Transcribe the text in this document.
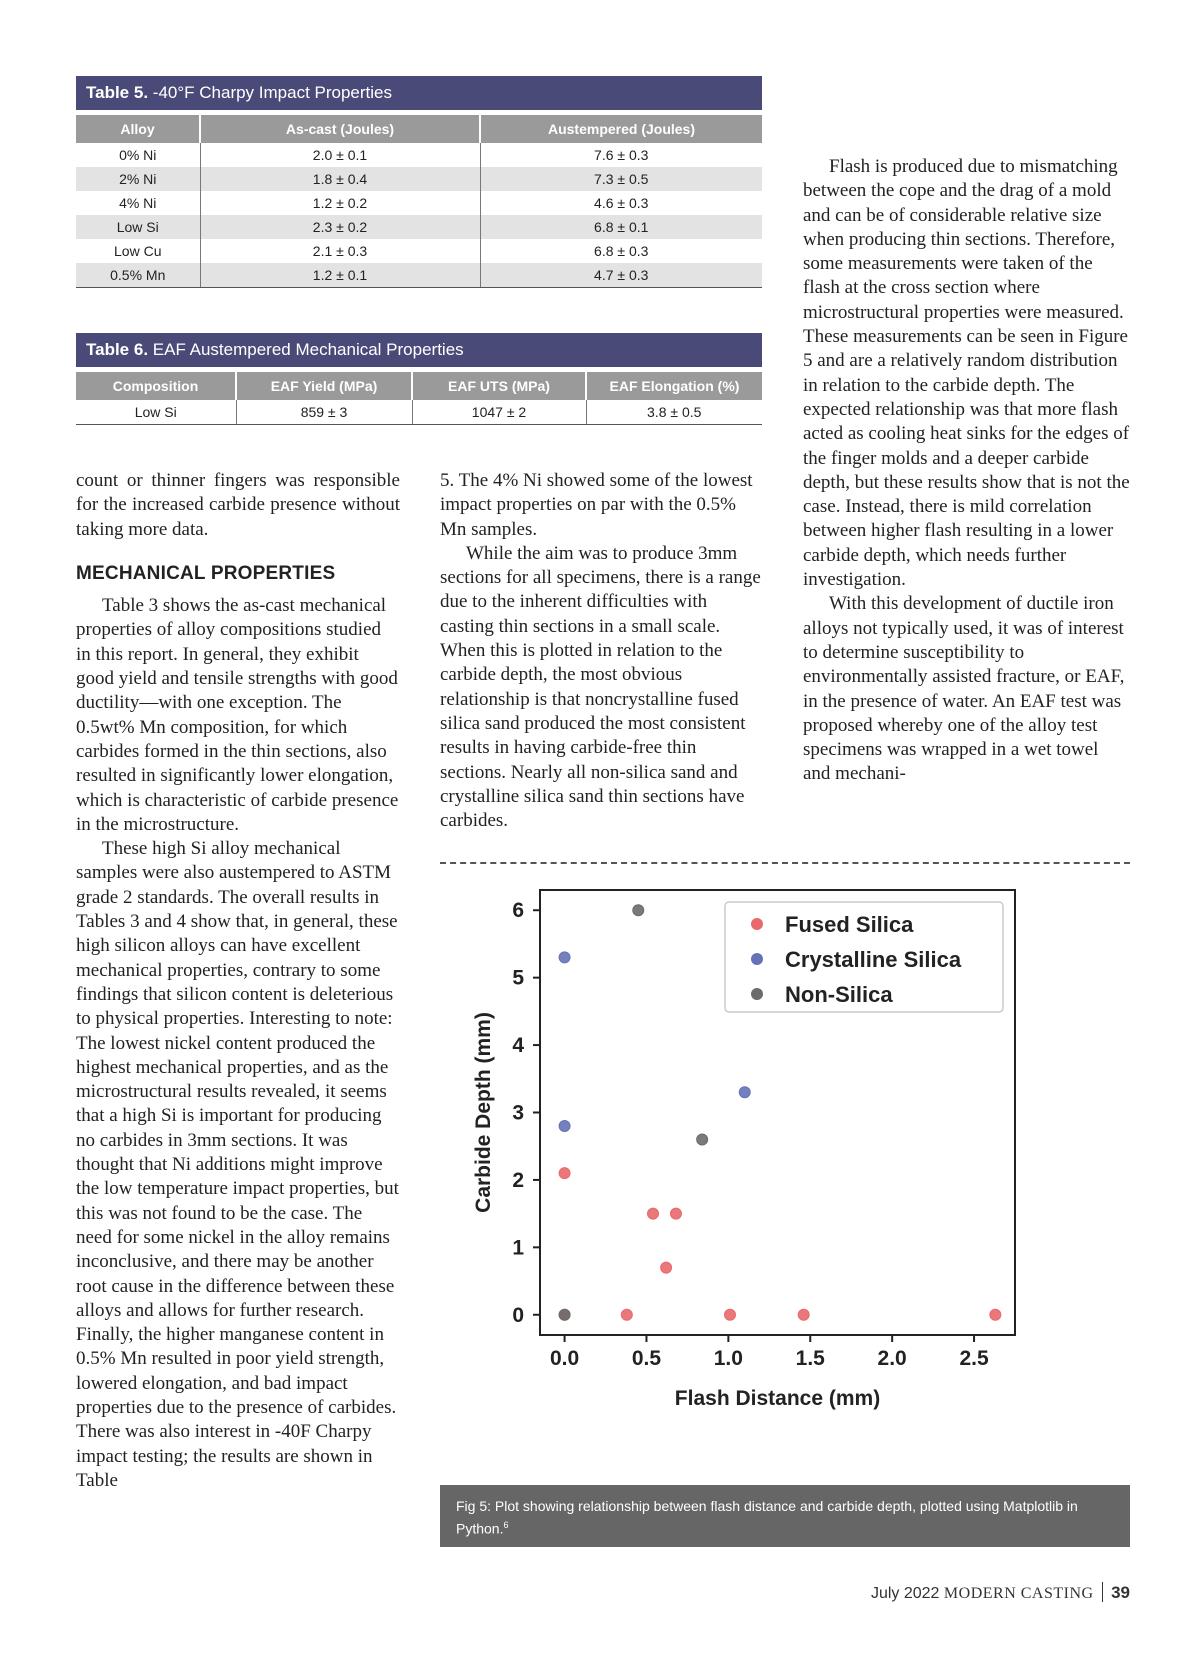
Table 5. -40°F Charpy Impact Properties
Alloy	As-cast (Joules)	Austempered (Joules)
0% Ni	2.0 ± 0.1	7.6 ± 0.3
2% Ni	1.8 ± 0.4	7.3 ± 0.5
4% Ni	1.2 ± 0.2	4.6 ± 0.3
Low Si	2.3 ± 0.2	6.8 ± 0.1
Low Cu	2.1 ± 0.3	6.8 ± 0.3
0.5% Mn	1.2 ± 0.1	4.7 ± 0.3
Table 6. EAF Austempered Mechanical Properties
Composition	EAF Yield (MPa)	EAF UTS (MPa)	EAF Elongation (%)
Low Si	859 ± 3	1047 ± 2	3.8 ± 0.5

count or thinner fingers was responsible for the increased carbide presence without taking more data.

MECHANICAL PROPERTIES

Table 3 shows the as-cast mechanical properties of alloy compositions studied in this report. In general, they exhibit good yield and tensile strengths with good ductility—with one exception. The 0.5wt% Mn composition, for which carbides formed in the thin sections, also resulted in significantly lower elongation, which is characteristic of carbide presence in the microstructure.

These high Si alloy mechanical samples were also austempered to ASTM grade 2 standards. The overall results in Tables 3 and 4 show that, in general, these high silicon alloys can have excellent mechanical properties, contrary to some findings that silicon content is deleterious to physical properties. Interesting to note: The lowest nickel content produced the highest mechanical properties, and as the microstructural results revealed, it seems that a high Si is important for producing no carbides in 3mm sections. It was thought that Ni additions might improve the low temperature impact properties, but this was not found to be the case. The need for some nickel in the alloy remains inconclusive, and there may be another root cause in the difference between these alloys and allows for further research. Finally, the higher manganese content in 0.5% Mn resulted in poor yield strength, lowered elongation, and bad impact properties due to the presence of carbides. There was also interest in -40F Charpy impact testing; the results are shown in Table

5. The 4% Ni showed some of the lowest impact properties on par with the 0.5% Mn samples.

While the aim was to produce 3mm sections for all specimens, there is a range due to the inherent difficulties with casting thin sections in a small scale. When this is plotted in relation to the carbide depth, the most obvious relationship is that noncrystalline fused silica sand produced the most consistent results in having carbide-free thin sections. Nearly all non-silica sand and crystalline silica sand thin sections have carbides.

Flash is produced due to mismatching between the cope and the drag of a mold and can be of considerable relative size when producing thin sections. Therefore, some measurements were taken of the flash at the cross section where microstructural properties were measured. These measurements can be seen in Figure 5 and are a relatively random distribution in relation to the carbide depth. The expected relationship was that more flash acted as cooling heat sinks for the edges of the finger molds and a deeper carbide depth, but these results show that is not the case. Instead, there is mild correlation between higher flash resulting in a lower carbide depth, which needs further investigation.

With this development of ductile iron alloys not typically used, it was of interest to determine susceptibility to environmentally assisted fracture, or EAF, in the presence of water. An EAF test was proposed whereby one of the alloy test specimens was wrapped in a wet towel and mechani-

0.0	0.5	1.0	1.5	2.0	2.5
0
1
2
3
4
5
6
Flash Distance (mm)
Carbide Depth (mm)
Fused Silica
Crystalline Silica
Non-Silica
Fig 5: Plot showing relationship between flash distance and carbide depth, plotted using Matplotlib in Python.$^6$
July 2022 MODERN CASTING 39
